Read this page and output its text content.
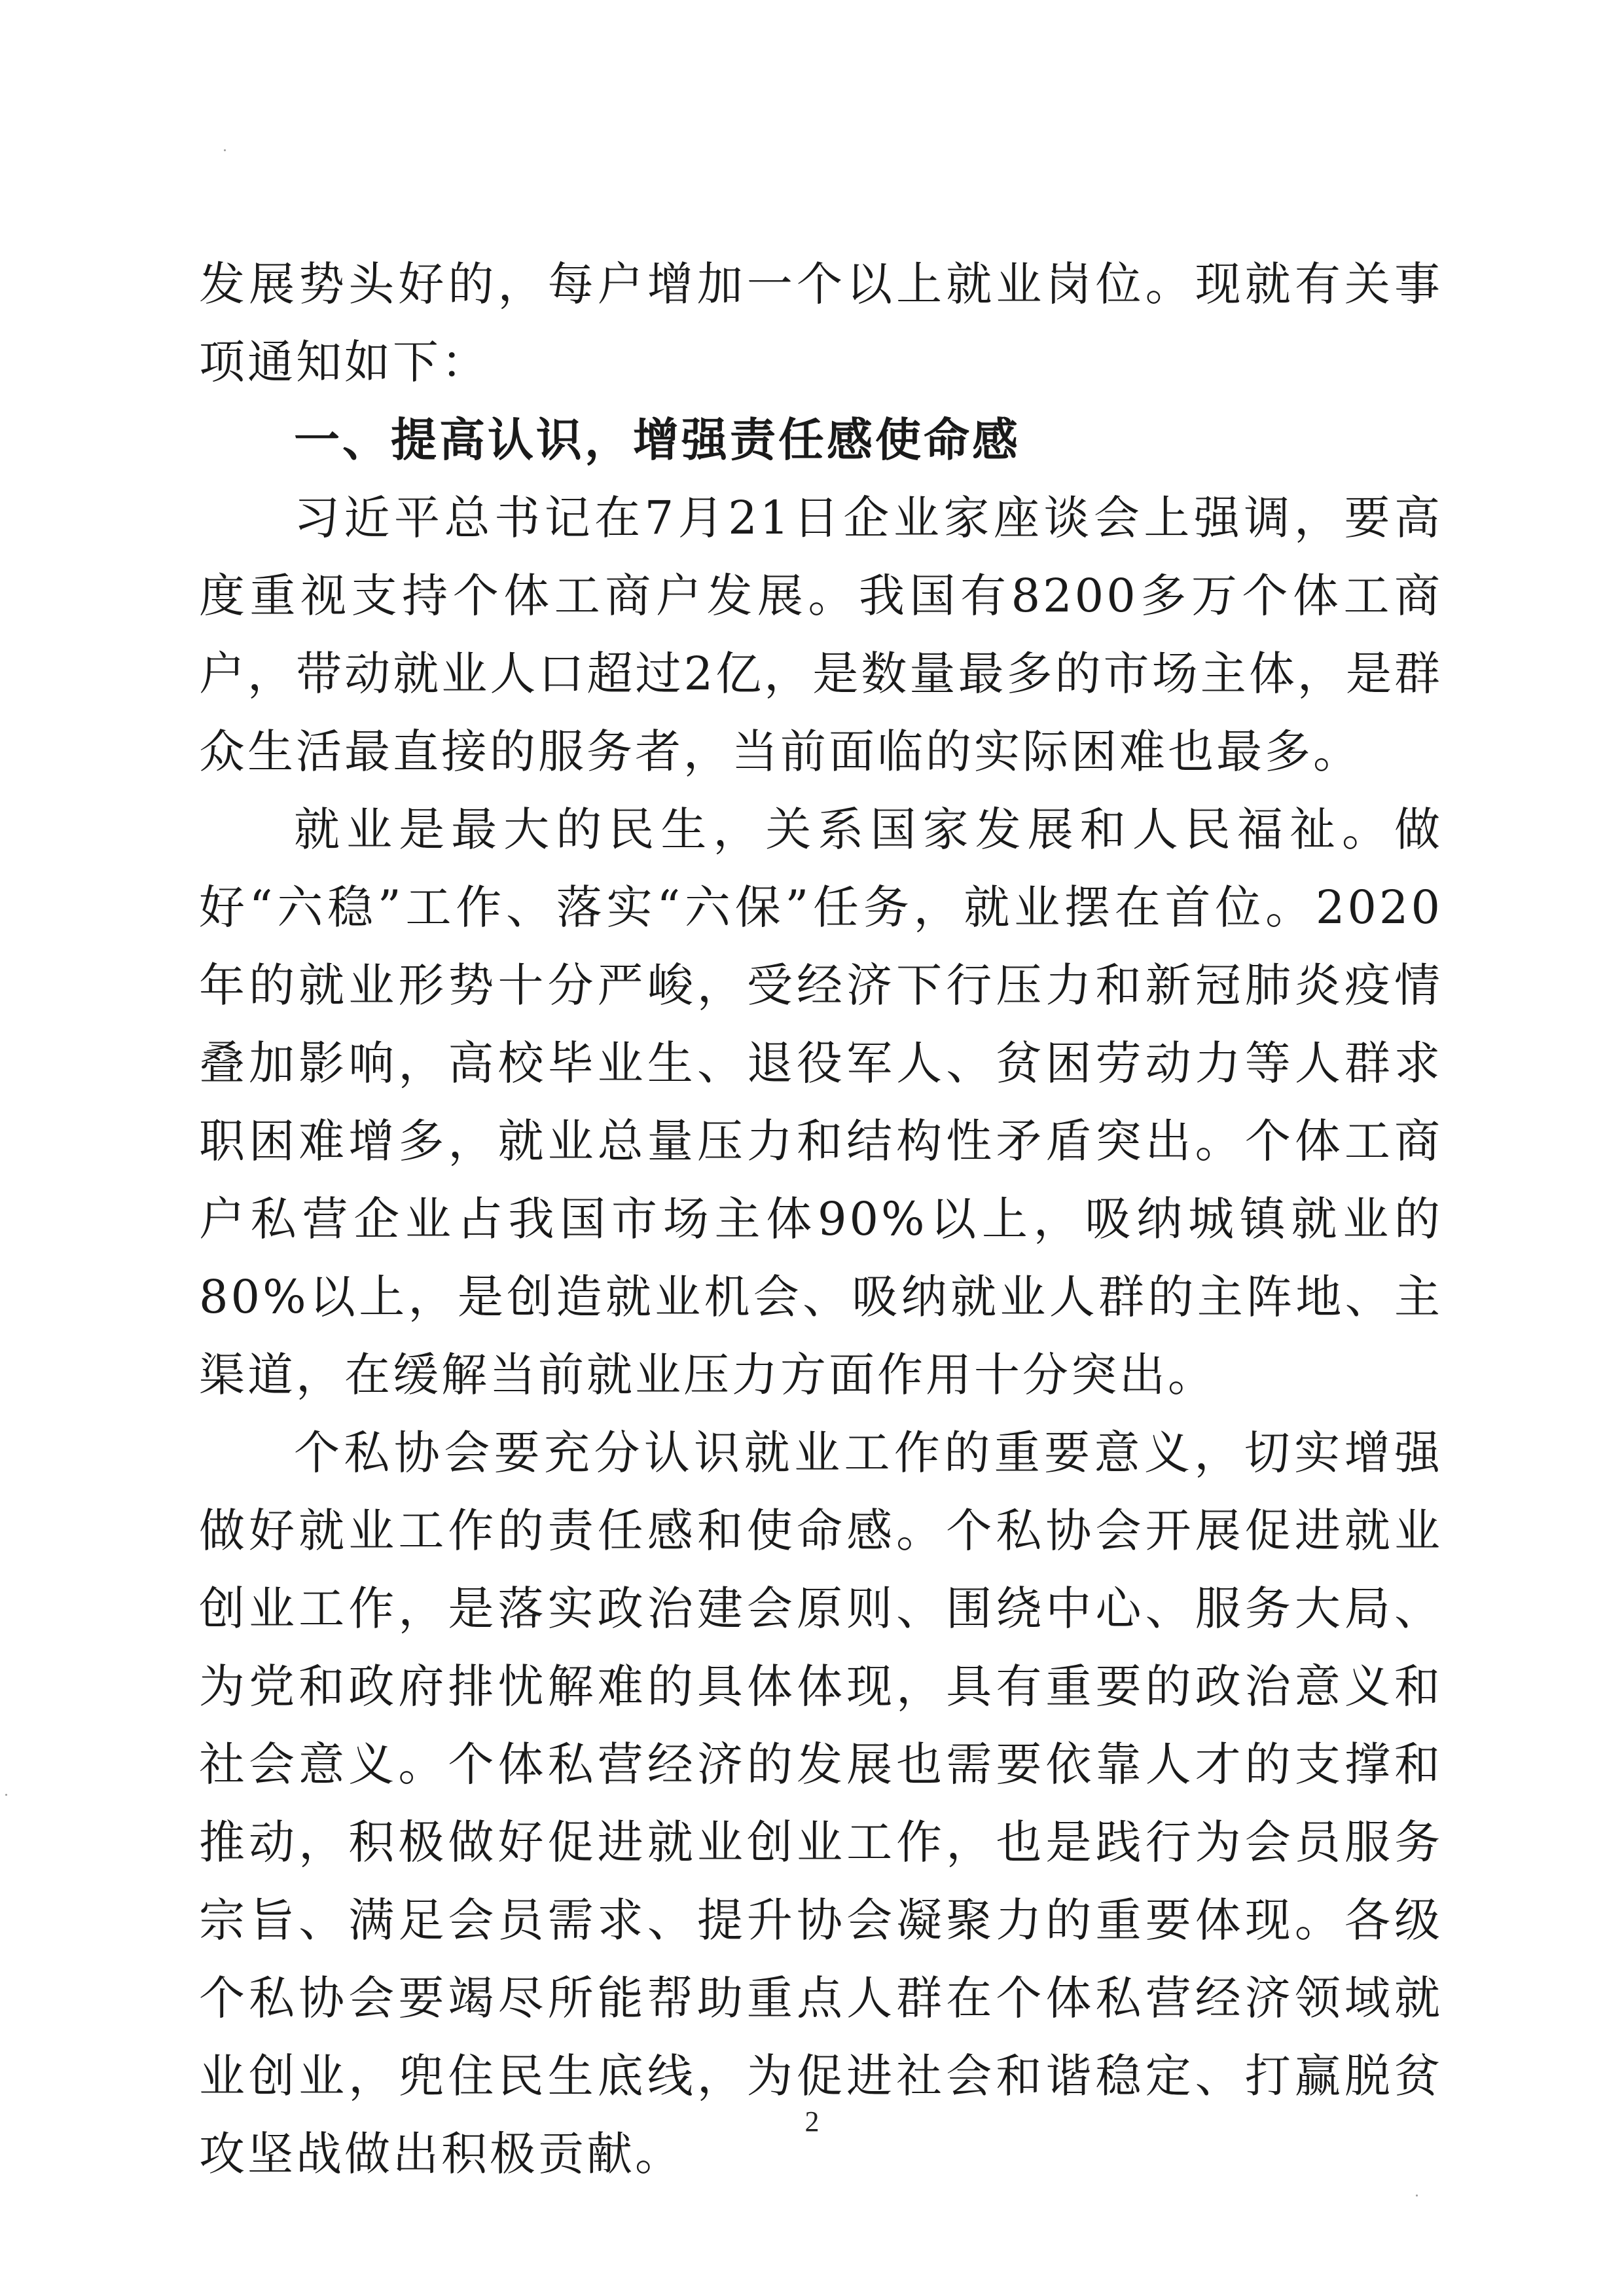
发展势头好的，每户增加一个以上就业岗位。现就有关事项通知如下：

一、提高认识，增强责任感使命感

习近平总书记在7月21日企业家座谈会上强调，要高度重视支持个体工商户发展。我国有8200多万个体工商户，带动就业人口超过2亿，是数量最多的市场主体，是群众生活最直接的服务者，当前面临的实际困难也最多。

就业是最大的民生，关系国家发展和人民福祉。做好“六稳”工作、落实“六保”任务，就业摆在首位。2020年的就业形势十分严峻，受经济下行压力和新冠肺炎疫情叠加影响，高校毕业生、退役军人、贫困劳动力等人群求职困难增多，就业总量压力和结构性矛盾突出。个体工商户私营企业占我国市场主体90%以上，吸纳城镇就业的80%以上，是创造就业机会、吸纳就业人群的主阵地、主渠道，在缓解当前就业压力方面作用十分突出。

个私协会要充分认识就业工作的重要意义，切实增强做好就业工作的责任感和使命感。个私协会开展促进就业创业工作，是落实政治建会原则、围绕中心、服务大局、为党和政府排忧解难的具体体现，具有重要的政治意义和社会意义。个体私营经济的发展也需要依靠人才的支撑和推动，积极做好促进就业创业工作，也是践行为会员服务宗旨、满足会员需求、提升协会凝聚力的重要体现。各级个私协会要竭尽所能帮助重点人群在个体私营经济领域就业创业，兜住民生底线，为促进社会和谐稳定、打赢脱贫攻坚战做出积极贡献。

2
